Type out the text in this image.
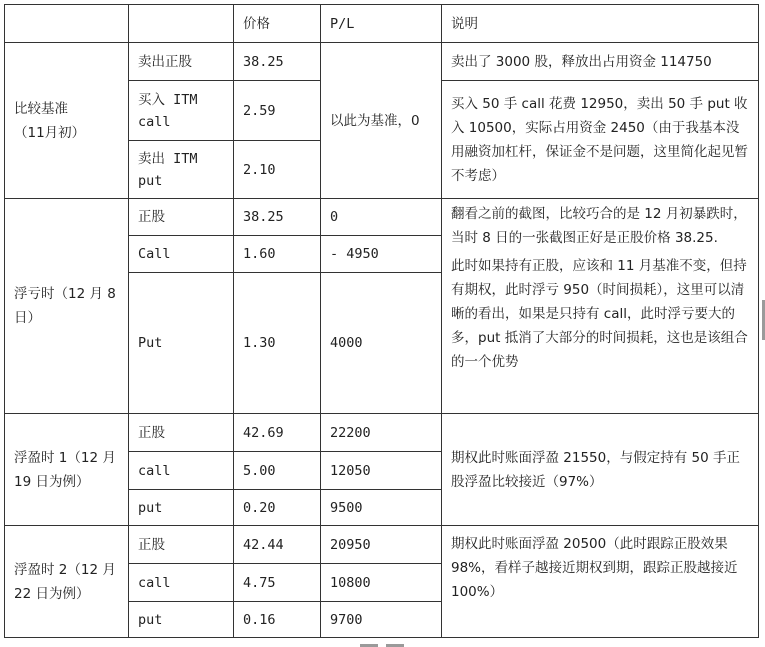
		价格	P/L	说明

比较基准
（11月初）	卖出正股	38.25	以此为基准，0	卖出了 3000 股，释放出占用资金 114750

	买入 ITM call	2.59		买入 50 手 call 花费 12950，卖出 50 手 put 收入 10500，实际占用资金 2450（由于我基本没用融资加杠杆，保证金不是问题，这里简化起见暂不考虑）

	卖出 ITM put	2.10		

浮亏时（12 月 8 日）	正股	38.25	0	翻看之前的截图，比较巧合的是 12 月初暴跌时，当时 8 日的一张截图正好是正股价格 38.25.

此时如果持有正股，应该和 11 月基准不变，但持有期权，此时浮亏 950（时间损耗），这里可以清晰的看出，如果是只持有 call，此时浮亏要大的多，put 抵消了大部分的时间损耗，这也是该组合的一个优势

	Call	1.60	- 4950	
	Put	1.30	4000	

浮盈时 1（12 月 19 日为例）	正股	42.69	22200	期权此时账面浮盈 21550，与假定持有 50 手正股浮盈比较接近（97%）

	call	5.00	12050	
	put	0.20	9500	

浮盈时 2（12 月 22 日为例）	正股	42.44	20950	期权此时账面浮盈 20500（此时跟踪正股效果 98%，看样子越接近期权到期，跟踪正股越接近 100%）

	call	4.75	10800	
	put	0.16	9700	
